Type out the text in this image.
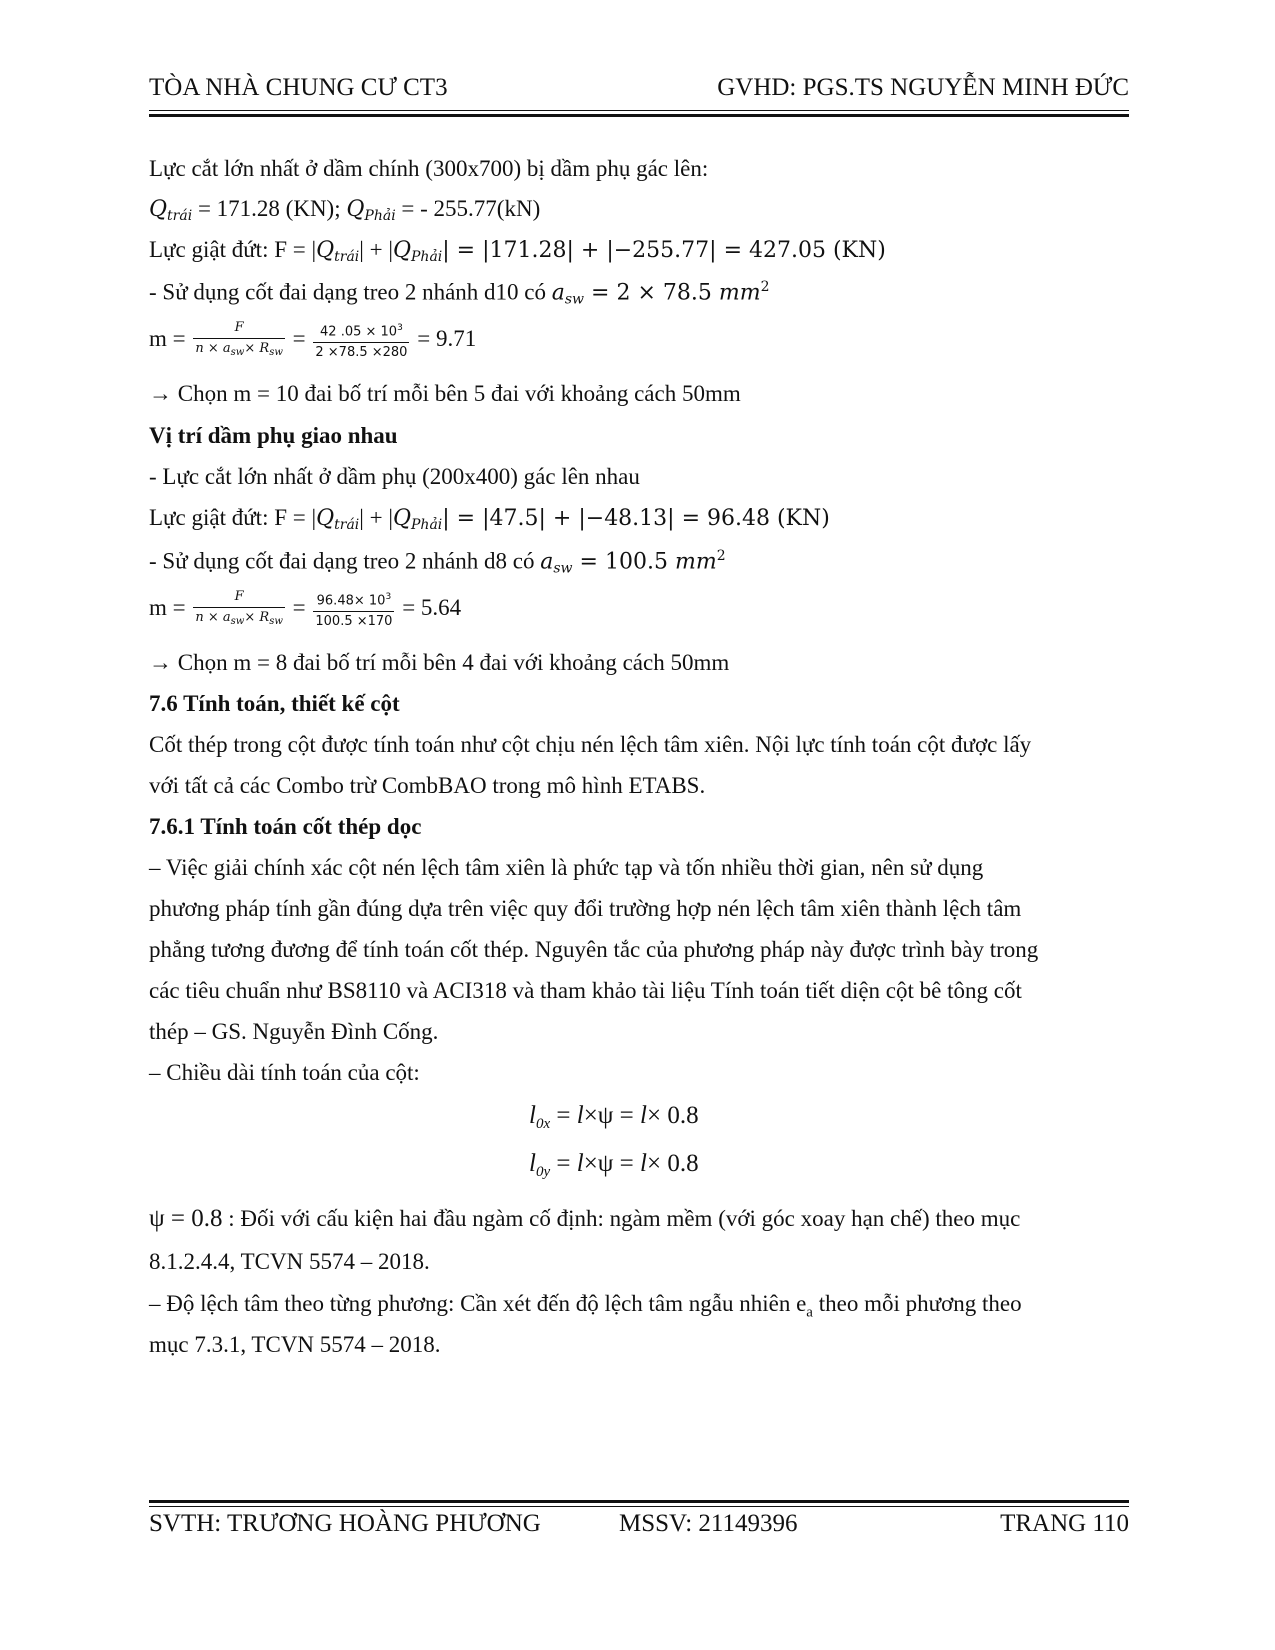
TÒA NHÀ CHUNG CƯ CT3	GVHD: PGS.TS NGUYỄN MINH ĐỨC
Lực cắt lớn nhất ở dầm chính (300x700) bị dầm phụ gác lên:
$Q_{trái} = 171.28$ (KN); $Q_{Phải}$ = - 255.77(kN)
Lực giật đứt: $F = |Q_{trái}| + |Q_{Phải}| = |171.28| + |-255.77| = 427.05$ (KN)
- Sử dụng cốt đai dạng treo 2 nhánh d10 có $a_{sw} = 2 \times 78.5$ $mm^2$
$m = \frac{F}{n \times a_{sw}\times R_{sw}} = \frac{42 .05 \times 10^3}{2 \times 78.5 \times 280} = 9.71$
→ Chọn m = 10 đai bố trí mỗi bên 5 đai với khoảng cách 50mm
Vị trí dầm phụ giao nhau
- Lực cắt lớn nhất ở dầm phụ (200x400) gác lên nhau
Lực giật đứt: $F = |Q_{trái}| + |Q_{Phải}| = |47.5| + |-48.13| = 96.48$ (KN)
- Sử dụng cốt đai dạng treo 2 nhánh d8 có $a_{sw} = 100.5$ $mm^2$
$m = \frac{F}{n \times a_{sw}\times R_{sw}} = \frac{96.48\times 10^3}{100.5 \times 170} = 5.64$
→ Chọn m = 8 đai bố trí mỗi bên 4 đai với khoảng cách 50mm
7.6 Tính toán, thiết kế cột
Cốt thép trong cột được tính toán như cột chịu nén lệch tâm xiên. Nội lực tính toán cột được lấy
với tất cả các Combo trừ CombBAO trong mô hình ETABS.
7.6.1 Tính toán cốt thép dọc
– Việc giải chính xác cột nén lệch tâm xiên là phức tạp và tốn nhiều thời gian, nên sử dụng
phương pháp tính gần đúng dựa trên việc quy đổi trường hợp nén lệch tâm xiên thành lệch tâm
phẳng tương đương để tính toán cốt thép. Nguyên tắc của phương pháp này được trình bày trong
các tiêu chuẩn như BS8110 và ACI318 và tham khảo tài liệu Tính toán tiết diện cột bê tông cốt
thép – GS. Nguyễn Đình Cống.
– Chiều dài tính toán của cột:
$l_{0x} = l\times\psi = l\times 0.8$
$l_{0y} = l\times\psi = l\times 0.8$
ψ = 0.8 : Đối với cấu kiện hai đầu ngàm cố định: ngàm mềm (với góc xoay hạn chế) theo mục
8.1.2.4.4, TCVN 5574 – 2018.
– Độ lệch tâm theo từng phương: Cần xét đến độ lệch tâm ngẫu nhiên $e_a$ theo mỗi phương theo
mục 7.3.1, TCVN 5574 – 2018.
SVTH: TRƯƠNG HOÀNG PHƯƠNG	MSSV: 21149396	TRANG 110
